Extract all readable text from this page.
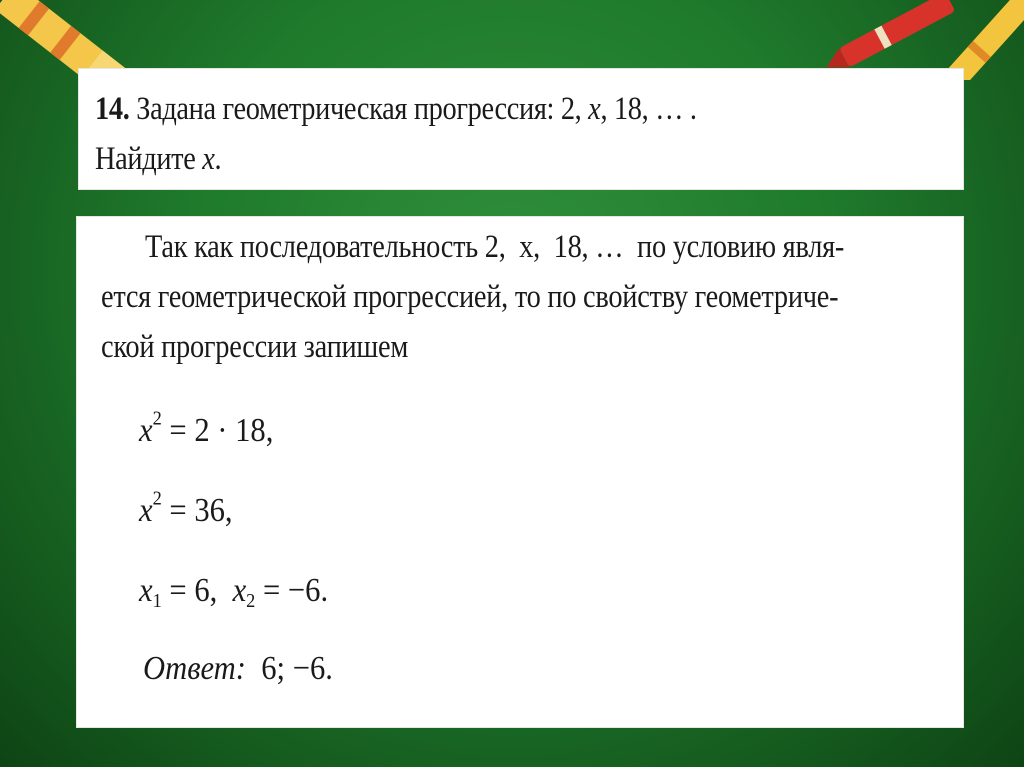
14. Задана геометрическая прогрессия: 2, x, 18, … .
Найдите x.
Так как последовательность 2,  x,  18, …  по условию явля-
ется геометрической прогрессией, то по свойству геометриче-
ской прогрессии запишем
$x^2 = 2 \cdot 18$,
$x^2 = 36$,
$x_1 = 6$,  $x_2 = -6$.
Ответ:  6; −6.
